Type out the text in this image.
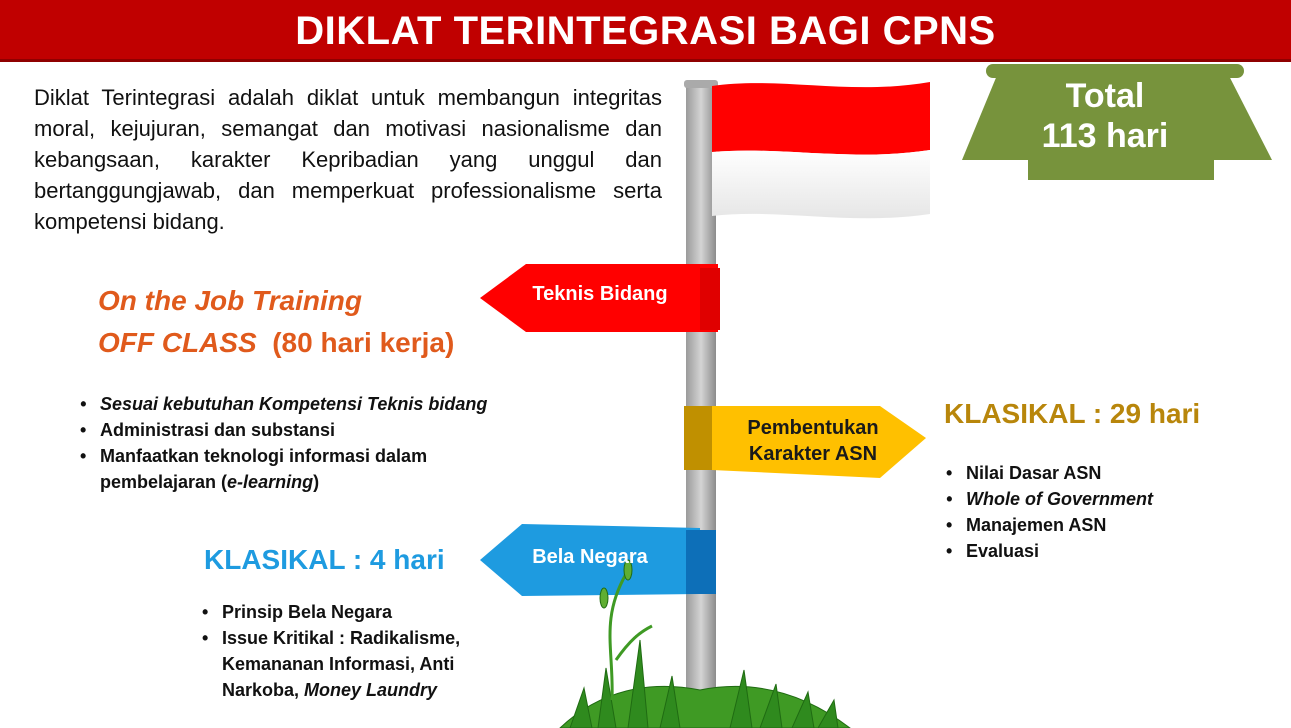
DIKLAT TERINTEGRASI BAGI CPNS
Diklat Terintegrasi adalah diklat untuk membangun integritas moral, kejujuran, semangat dan motivasi nasionalisme dan kebangsaan, karakter Kepribadian yang unggul dan bertanggungjawab, dan memperkuat professionalisme serta kompetensi bidang.
Total
113 hari
Teknis Bidang
Pembentukan
Karakter ASN
Bela Negara
On the Job Training
OFF CLASS  (80 hari kerja)
• Sesuai kebutuhan Kompetensi Teknis bidang
• Administrasi dan substansi
• Manfaatkan teknologi informasi dalam pembelajaran (e-learning)
KLASIKAL : 29 hari
• Nilai Dasar ASN
• Whole of Government
• Manajemen ASN
• Evaluasi
KLASIKAL : 4 hari
• Prinsip Bela Negara
• Issue Kritikal : Radikalisme, Kemananan Informasi, Anti Narkoba, Money Laundry
